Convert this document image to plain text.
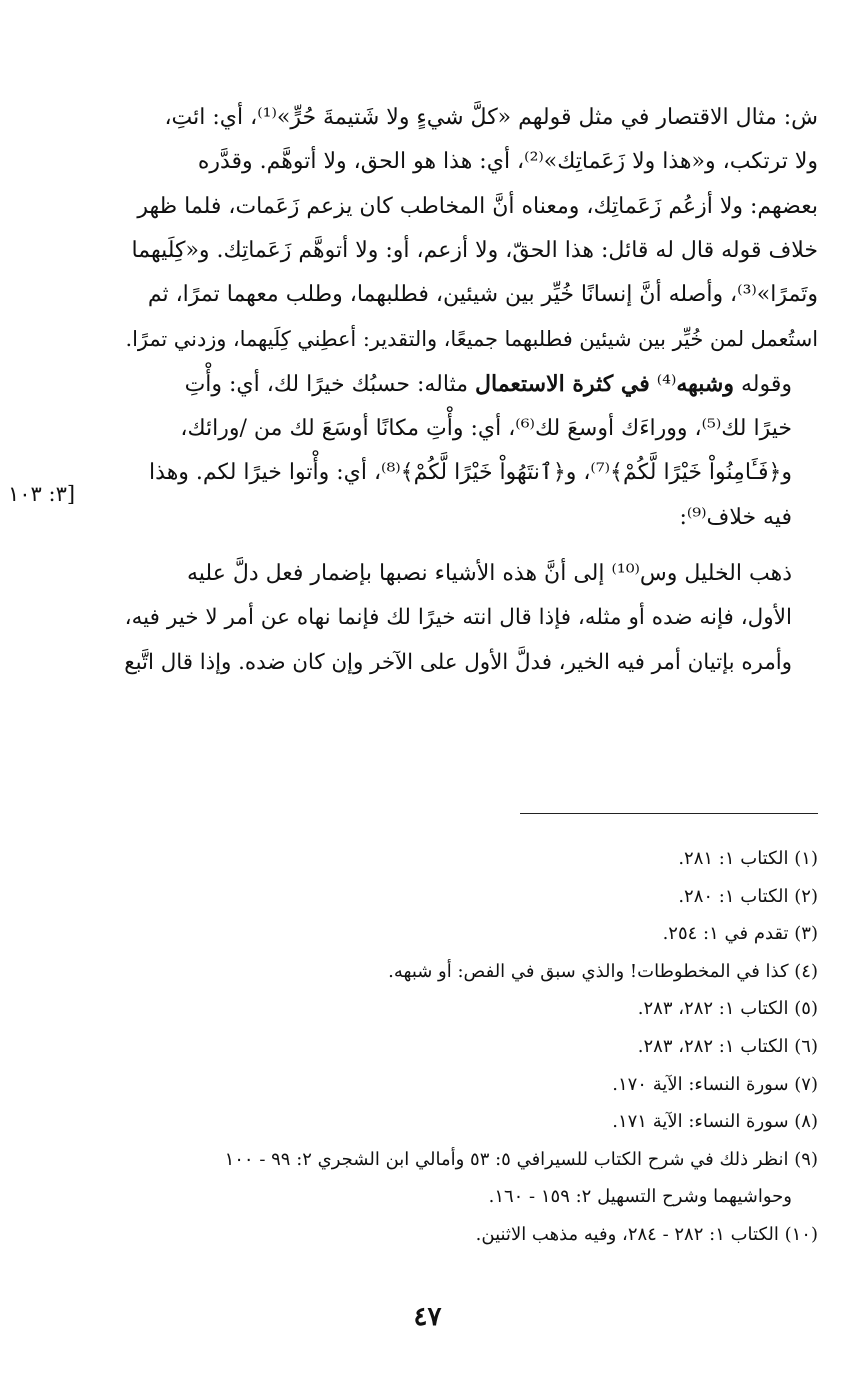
ش: مثال الاقتصار في مثل قولهم «كلَّ شيءٍ ولا شَتيمةَ حُرٍّ»⁽¹⁾، أي: ائتِ،
ولا ترتكب، و«هذا ولا زَعَماتِك»⁽²⁾، أي: هذا هو الحق، ولا أتوهَّم. وقدَّره
بعضهم: ولا أزعُم زَعَماتِك، ومعناه أنَّ المخاطب كان يزعم زَعَمات، فلما ظهر
خلاف قوله قال له قائل: هذا الحقّ، ولا أزعم، أو: ولا أتوهَّم زَعَماتِك. و«كِلَيهما
وتَمرًا»⁽³⁾، وأصله أنَّ إنسانًا خُيِّر بين شيئين، فطلبهما، وطلب معهما تمرًا، ثم
استُعمل لمن خُيِّر بين شيئين فطلبهما جميعًا، والتقدير: أعطِني كِلَيهما، وزدني تمرًا.

وقوله وشبهه⁽⁴⁾ في كثرة الاستعمال مثاله: حسبُك خيرًا لك، أي: وأْتِ
خيرًا لك⁽⁵⁾، ووراءَك أوسعَ لك⁽⁶⁾، أي: وأْتِ مكانًا أوسَعَ لك من /ورائك،
و﴿فَـَٔامِنُواْ خَيْرًا لَّكُمْ﴾⁽⁷⁾، و﴿ٱنتَهُواْ خَيْرًا لَّكُمْ﴾⁽⁸⁾، أي: وأْتوا خيرًا لكم. وهذا
فيه خلاف⁽⁹⁾:

ذهب الخليل وس⁽¹⁰⁾ إلى أنَّ هذه الأشياء نصبها بإضمار فعل دلَّ عليه
الأول، فإنه ضده أو مثله، فإذا قال انته خيرًا لك فإنما نهاه عن أمر لا خير فيه،
وأمره بإتيان أمر فيه الخير، فدلَّ الأول على الآخر وإن كان ضده. وإذا قال اتَّبع

[٣: ١٠٣
(١) الكتاب ١: ٢٨١.
(٢) الكتاب ١: ٢٨٠.
(٣) تقدم في ١: ٢٥٤.
(٤) كذا في المخطوطات! والذي سبق في الفص: أو شبهه.
(٥) الكتاب ١: ٢٨٢، ٢٨٣.
(٦) الكتاب ١: ٢٨٢، ٢٨٣.
(٧) سورة النساء: الآية ١٧٠.
(٨) سورة النساء: الآية ١٧١.
(٩) انظر ذلك في شرح الكتاب للسيرافي ٥: ٥٣ وأمالي ابن الشجري ٢: ٩٩ - ١٠٠
وحواشيهما وشرح التسهيل ٢: ١٥٩ - ١٦٠.
(١٠) الكتاب ١: ٢٨٢ - ٢٨٤، وفيه مذهب الاثنين.
٤٧
